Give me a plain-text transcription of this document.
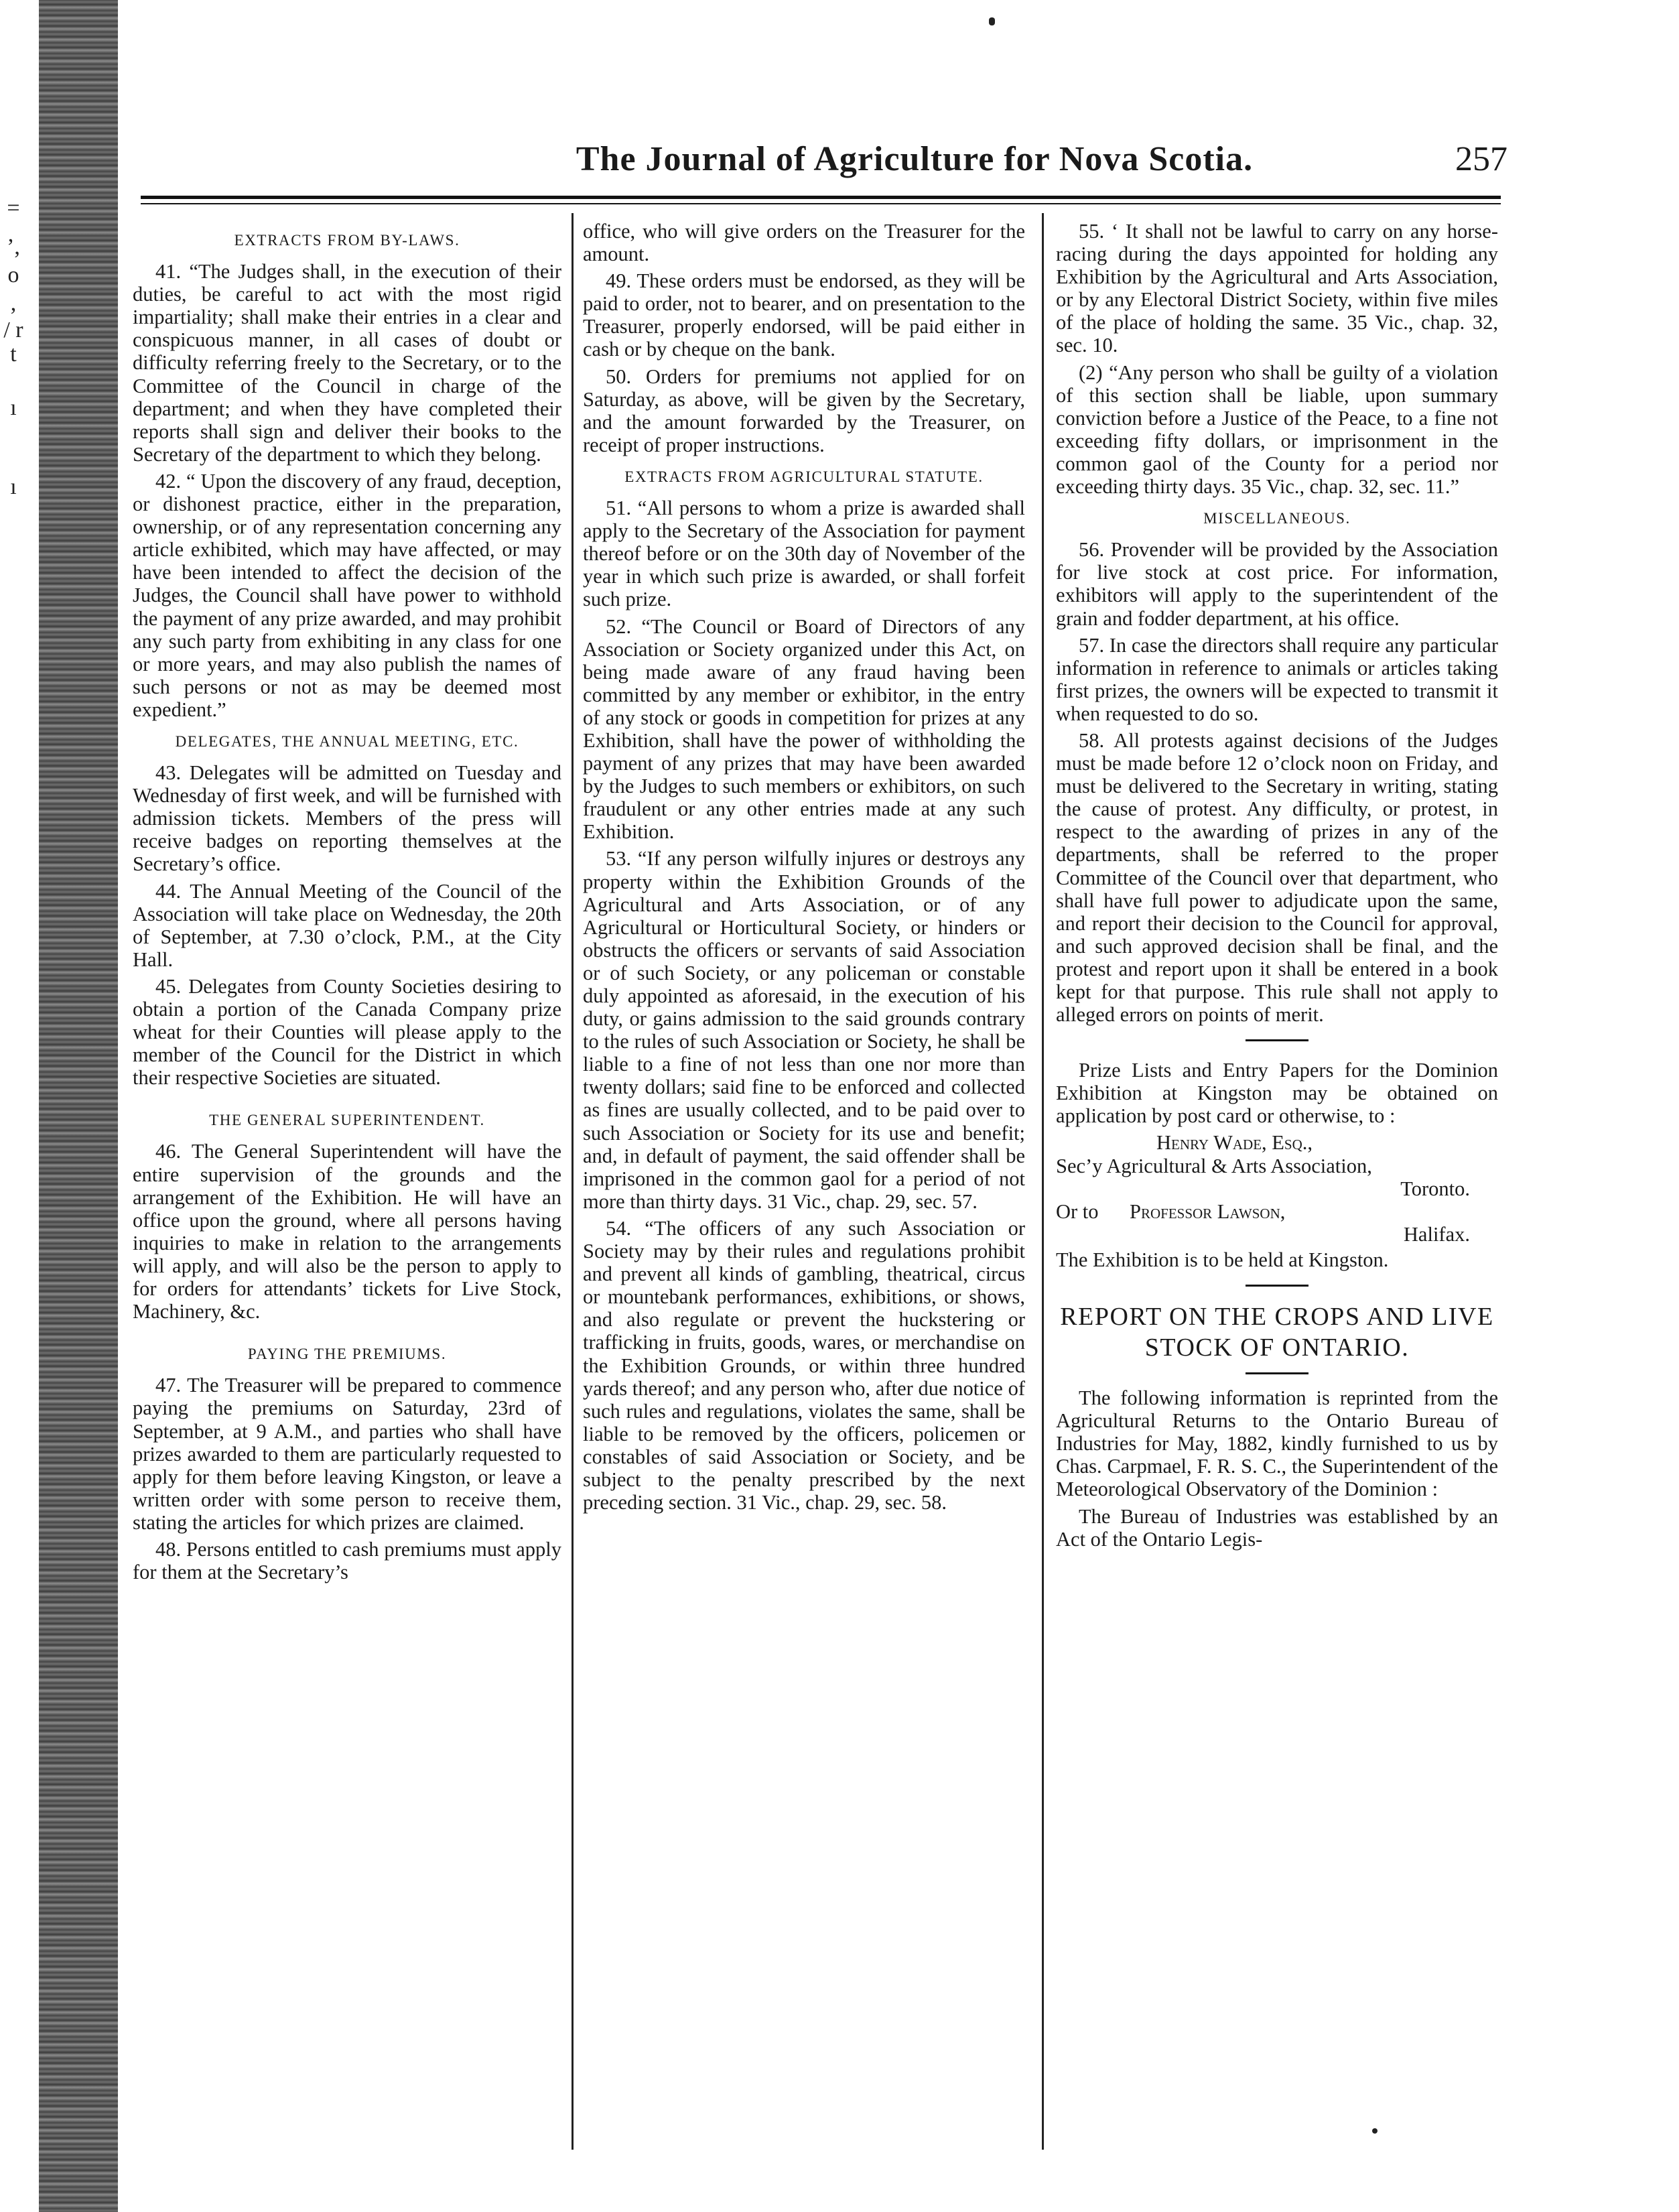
=
’,
o
,
/ r
t
ı
ı
The Journal of Agriculture for Nova Scotia.	257
EXTRACTS FROM BY-LAWS.

41. “The Judges shall, in the execution of their duties, be careful to act with the most rigid impartiality; shall make their entries in a clear and conspicuous manner, in all cases of doubt or difficulty referring freely to the Secretary, or to the Committee of the Council in charge of the department; and when they have completed their reports shall sign and deliver their books to the Secretary of the department to which they belong.

42. “ Upon the discovery of any fraud, deception, or dishonest practice, either in the preparation, ownership, or of any representation concerning any article exhibited, which may have affected, or may have been intended to affect the decision of the Judges, the Council shall have power to withhold the payment of any prize awarded, and may prohibit any such party from exhibiting in any class for one or more years, and may also publish the names of such persons or not as may be deemed most expedient.”

DELEGATES, THE ANNUAL MEETING, ETC.

43. Delegates will be admitted on Tuesday and Wednesday of first week, and will be furnished with admission tickets. Members of the press will receive badges on reporting themselves at the Secretary’s office.

44. The Annual Meeting of the Council of the Association will take place on Wednesday, the 20th of September, at 7.30 o’clock, P.M., at the City Hall.

45. Delegates from County Societies desiring to obtain a portion of the Canada Company prize wheat for their Counties will please apply to the member of the Council for the District in which their respective Societies are situated.

THE GENERAL SUPERINTENDENT.

46. The General Superintendent will have the entire supervision of the grounds and the arrangement of the Exhibition. He will have an office upon the ground, where all persons having inquiries to make in relation to the arrangements will apply, and will also be the person to apply to for orders for attendants’ tickets for Live Stock, Machinery, &c.

PAYING THE PREMIUMS.

47. The Treasurer will be prepared to commence paying the premiums on Saturday, 23rd of September, at 9 A.M., and parties who shall have prizes awarded to them are particularly requested to apply for them before leaving Kingston, or leave a written order with some person to receive them, stating the articles for which prizes are claimed.

48. Persons entitled to cash premiums must apply for them at the Secretary’s

office, who will give orders on the Treasurer for the amount.

49. These orders must be endorsed, as they will be paid to order, not to bearer, and on presentation to the Treasurer, properly endorsed, will be paid either in cash or by cheque on the bank.

50. Orders for premiums not applied for on Saturday, as above, will be given by the Secretary, and the amount forwarded by the Treasurer, on receipt of proper instructions.

EXTRACTS FROM AGRICULTURAL STATUTE.

51. “All persons to whom a prize is awarded shall apply to the Secretary of the Association for payment thereof before or on the 30th day of November of the year in which such prize is awarded, or shall forfeit such prize.

52. “The Council or Board of Directors of any Association or Society organized under this Act, on being made aware of any fraud having been committed by any member or exhibitor, in the entry of any stock or goods in competition for prizes at any Exhibition, shall have the power of withholding the payment of any prizes that may have been awarded by the Judges to such members or exhibitors, on such fraudulent or any other entries made at any such Exhibition.

53. “If any person wilfully injures or destroys any property within the Exhibition Grounds of the Agricultural and Arts Association, or of any Agricultural or Horticultural Society, or hinders or obstructs the officers or servants of said Association or of such Society, or any policeman or constable duly appointed as aforesaid, in the execution of his duty, or gains admission to the said grounds contrary to the rules of such Association or Society, he shall be liable to a fine of not less than one nor more than twenty dollars; said fine to be enforced and collected as fines are usually collected, and to be paid over to such Association or Society for its use and benefit; and, in default of payment, the said offender shall be imprisoned in the common gaol for a period of not more than thirty days. 31 Vic., chap. 29, sec. 57.

54. “The officers of any such Association or Society may by their rules and regulations prohibit and prevent all kinds of gambling, theatrical, circus or mountebank performances, exhibitions, or shows, and also regulate or prevent the huckstering or trafficking in fruits, goods, wares, or merchandise on the Exhibition Grounds, or within three hundred yards thereof; and any person who, after due notice of such rules and regulations, violates the same, shall be liable to be removed by the officers, policemen or constables of said Association or Society, and be subject to the penalty prescribed by the next preceding section. 31 Vic., chap. 29, sec. 58.

55. ‘ It shall not be lawful to carry on any horse-racing during the days appointed for holding any Exhibition by the Agricultural and Arts Association, or by any Electoral District Society, within five miles of the place of holding the same. 35 Vic., chap. 32, sec. 10.

(2) “Any person who shall be guilty of a violation of this section shall be liable, upon summary conviction before a Justice of the Peace, to a fine not exceeding fifty dollars, or imprisonment in the common gaol of the County for a period nor exceeding thirty days. 35 Vic., chap. 32, sec. 11.”

MISCELLANEOUS.

56. Provender will be provided by the Association for live stock at cost price. For information, exhibitors will apply to the superintendent of the grain and fodder department, at his office.

57. In case the directors shall require any particular information in reference to animals or articles taking first prizes, the owners will be expected to transmit it when requested to do so.

58. All protests against decisions of the Judges must be made before 12 o’clock noon on Friday, and must be delivered to the Secretary in writing, stating the cause of protest. Any difficulty, or protest, in respect to the awarding of prizes in any of the departments, shall be referred to the proper Committee of the Council over that department, who shall have full power to adjudicate upon the same, and report their decision to the Council for approval, and such approved decision shall be final, and the protest and report upon it shall be entered in a book kept for that purpose. This rule shall not apply to alleged errors on points of merit.

Prize Lists and Entry Papers for the Dominion Exhibition at Kingston may be obtained on application by post card or otherwise, to :

Henry Wade, Esq.,

Sec’y Agricultural & Arts Association,

Toronto.

Or to Professor Lawson,

Halifax.

The Exhibition is to be held at Kingston.

REPORT ON THE CROPS AND LIVE STOCK OF ONTARIO.

The following information is reprinted from the Agricultural Returns to the Ontario Bureau of Industries for May, 1882, kindly furnished to us by Chas. Carpmael, F. R. S. C., the Superintendent of the Meteorological Observatory of the Dominion :

The Bureau of Industries was established by an Act of the Ontario Legis-
